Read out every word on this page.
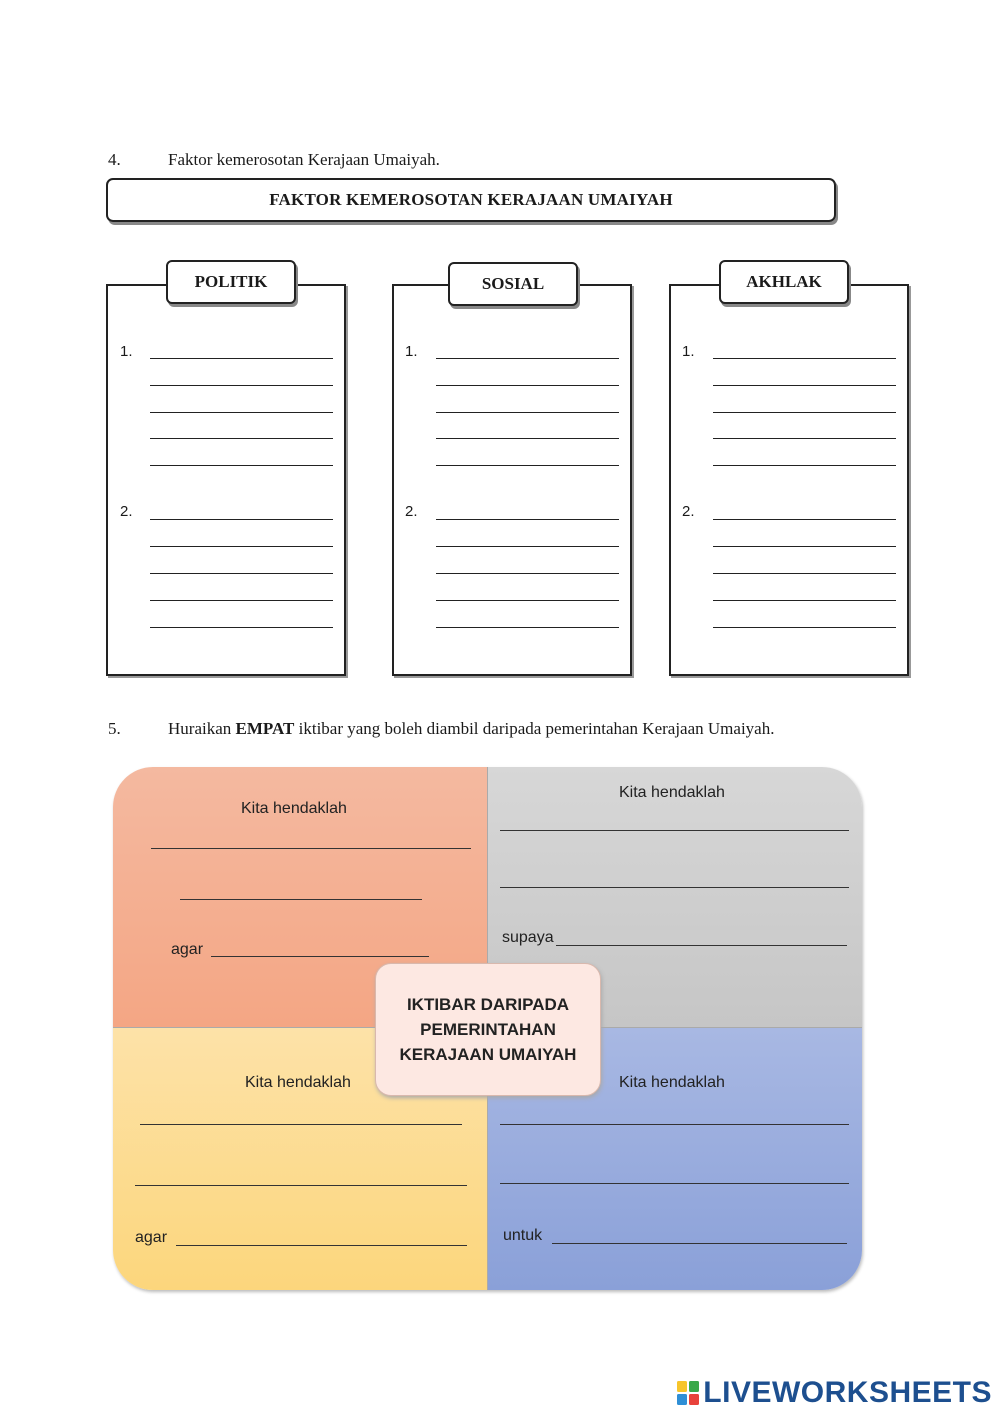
4.	Faktor kemerosotan Kerajaan Umaiyah.
FAKTOR KEMEROSOTAN KERAJAAN UMAIYAH
POLITIK
1.
2.
SOSIAL
1.
2.
AKHLAK
1.
2.
5.	Huraikan EMPAT iktibar yang boleh diambil daripada pemerintahan Kerajaan Umaiyah.
Kita hendaklah
agar
Kita hendaklah
supaya
Kita hendaklah
agar
Kita hendaklah
untuk
IKTIBAR DARIPADA
PEMERINTAHAN
KERAJAAN UMAIYAH
LIVEWORKSHEETS
